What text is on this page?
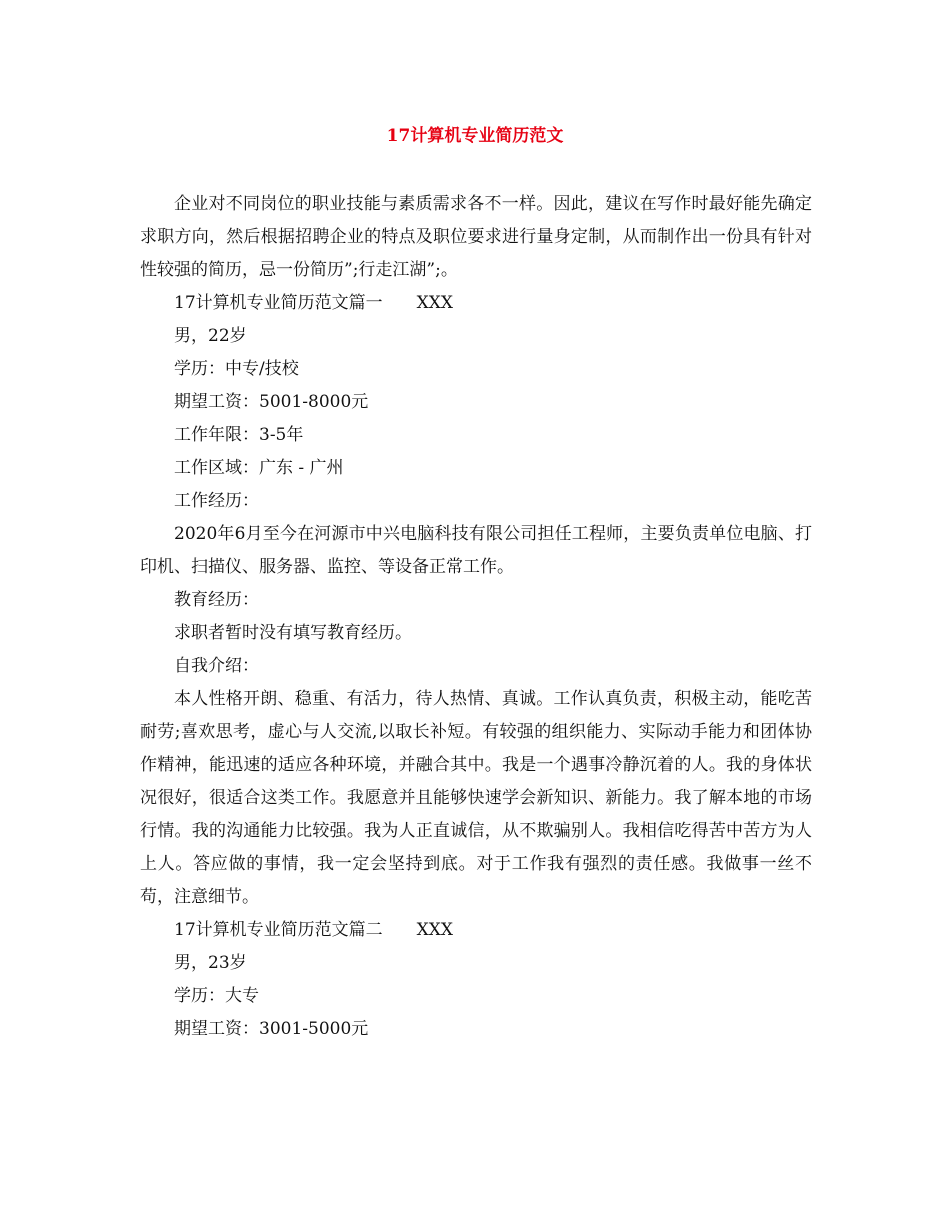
17计算机专业简历范文

企业对不同岗位的职业技能与素质需求各不一样。因此，建议在写作时最好能先确定求职方向，然后根据招聘企业的特点及职位要求进行量身定制，从而制作出一份具有针对性较强的简历，忌一份简历”;行走江湖”;。

17计算机专业简历范文篇一 XXX

男，22岁

学历：中专/技校

期望工资：5001-8000元

工作年限：3-5年

工作区域：广东 - 广州

工作经历：

2020年6月至今在河源市中兴电脑科技有限公司担任工程师，主要负责单位电脑、打印机、扫描仪、服务器、监控、等设备正常工作。

教育经历：

求职者暂时没有填写教育经历。

自我介绍：

本人性格开朗、稳重、有活力，待人热情、真诚。工作认真负责，积极主动，能吃苦耐劳;喜欢思考，虚心与人交流,以取长补短。有较强的组织能力、实际动手能力和团体协作精神，能迅速的适应各种环境，并融合其中。我是一个遇事冷静沉着的人。我的身体状况很好，很适合这类工作。我愿意并且能够快速学会新知识、新能力。我了解本地的市场行情。我的沟通能力比较强。我为人正直诚信，从不欺骗别人。我相信吃得苦中苦方为人上人。答应做的事情，我一定会坚持到底。对于工作我有强烈的责任感。我做事一丝不苟，注意细节。

17计算机专业简历范文篇二 XXX

男，23岁

学历：大专

期望工资：3001-5000元
